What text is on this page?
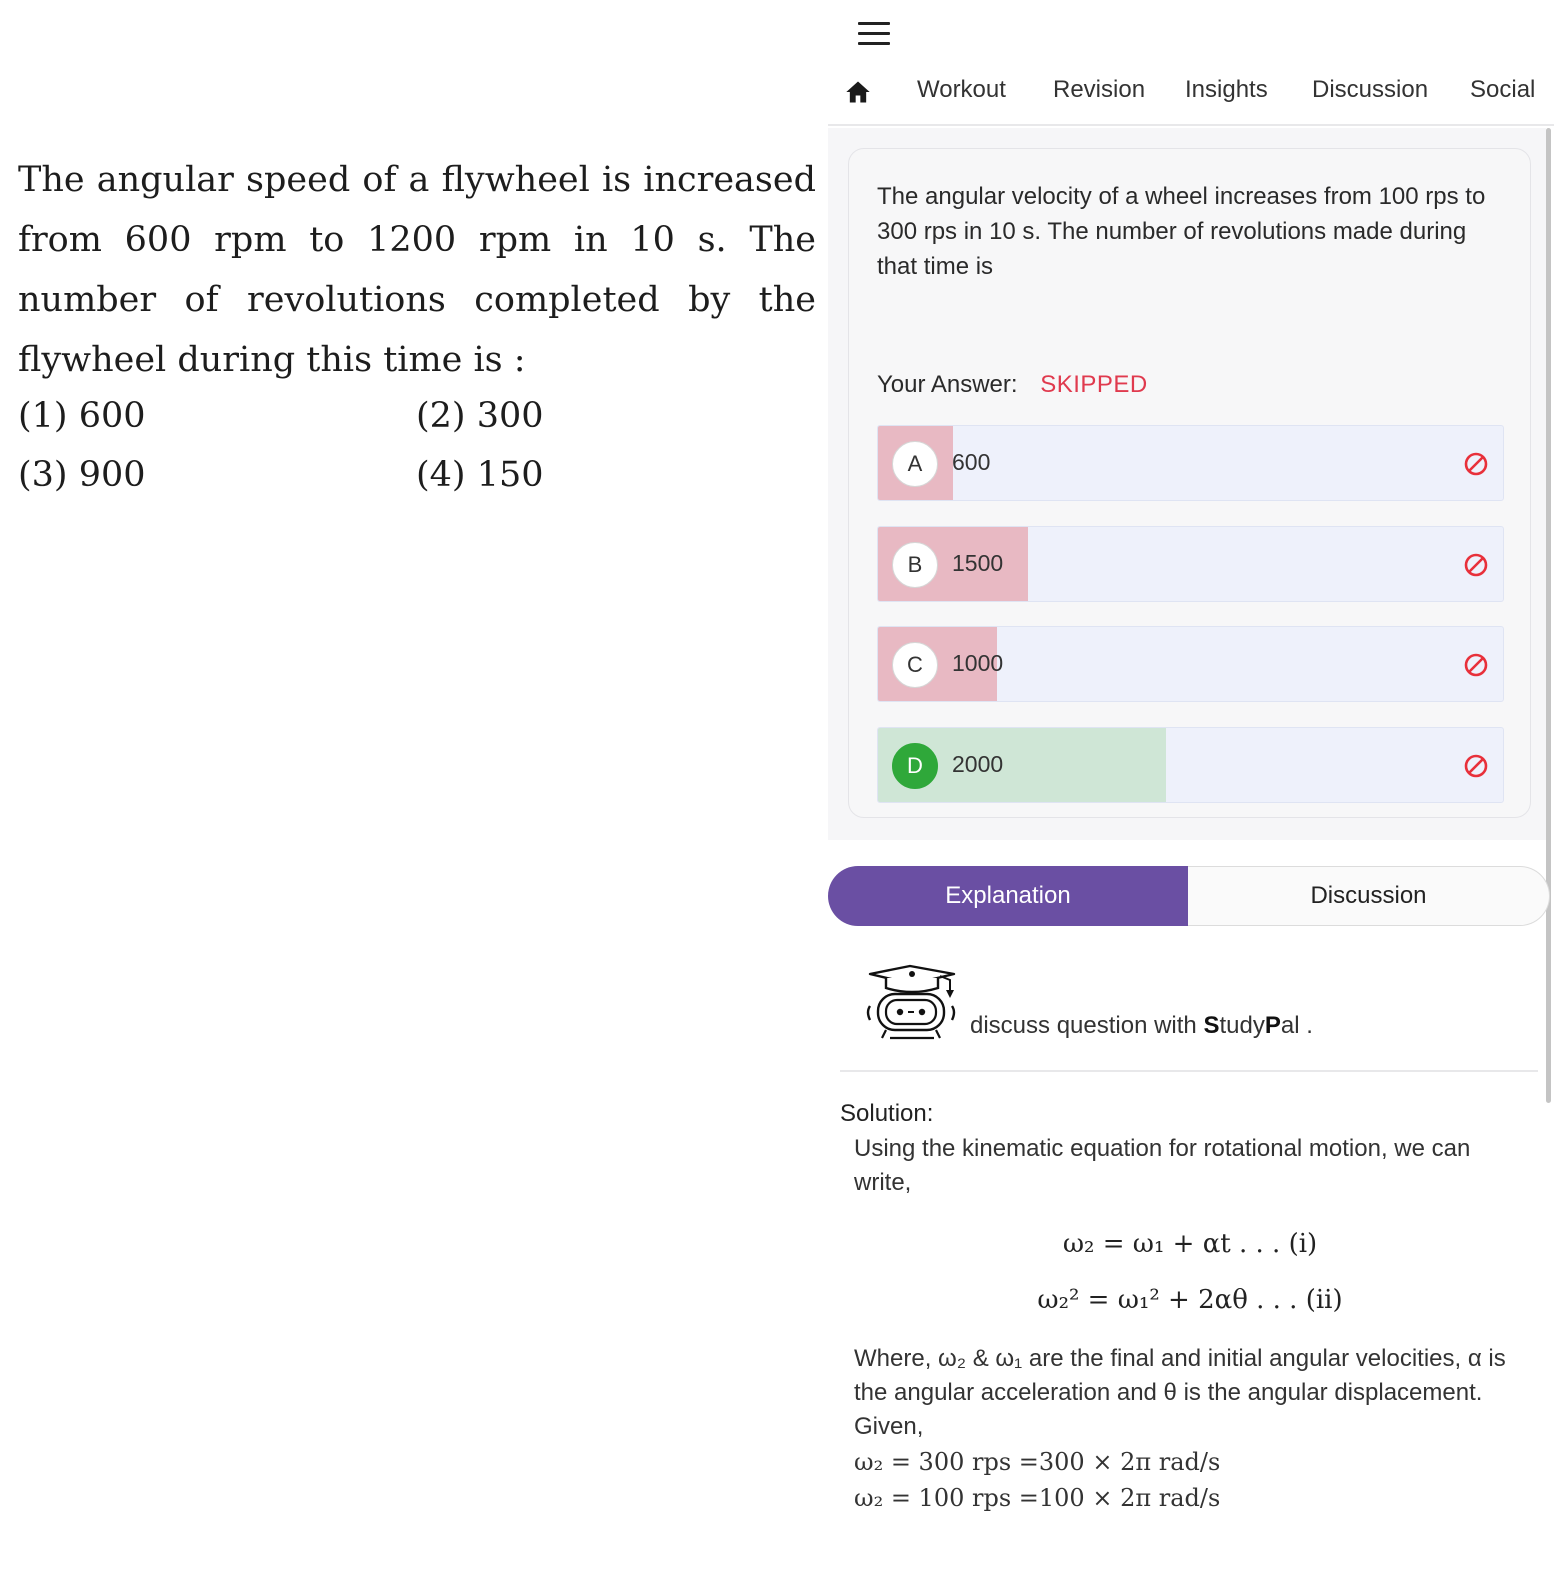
The angular speed of a flywheel is increased from 600 rpm to 1200 rpm in 10 s. The number of revolutions completed by the flywheel during this time is :
(1) 600	(2) 300
(3) 900	(4) 150
Workout Revision Insights Discussion Social
The angular velocity of a wheel increases from 100 rps to 300 rps in 10 s. The number of revolutions made during that time is
Your Answer: SKIPPED
A	600
B	1500
C	1000
D	2000
Explanation	Discussion
discuss question with StudyPal .
Solution:
Using the kinematic equation for rotational motion, we can write,
ω₂ = ω₁ + αt . . . (i)
ω₂² = ω₁² + 2αθ . . . (ii)
Where, ω₂ & ω₁ are the final and initial angular velocities, α is the angular acceleration and θ is the angular displacement.
Given,
ω₂ = 300 rps =300 × 2π rad/s
ω₂ = 100 rps =100 × 2π rad/s
